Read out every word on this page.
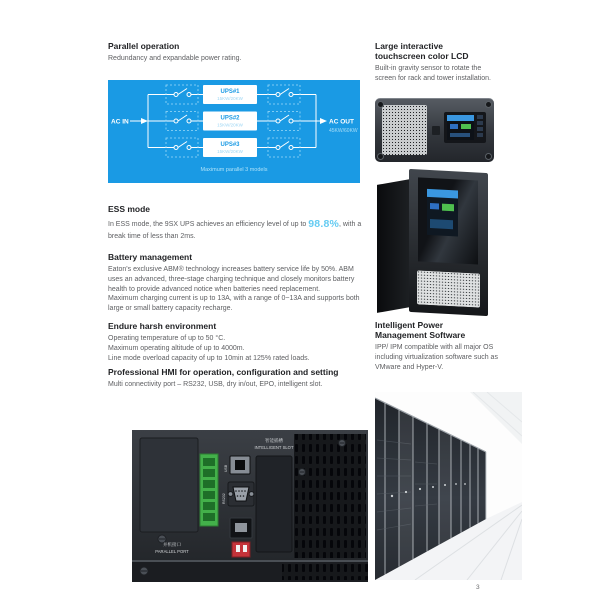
Parallel operation

Redundancy and expandable power rating.

AC IN	AC OUT
45KW/60KW
UPS#1
15KW/20KW
UPS#2
15KW/20KW
UPS#3
15KW/20KW
Maximum parallel 3 models
ESS mode

In ESS mode, the 9SX UPS achieves an efficiency level of up to 98.8%, with a break time of less than 2ms.

Battery management

Eaton's exclusive ABM® technology increases battery service life by 50%. ABM uses an advanced, three-stage charging technique and closely monitors battery health to provide advanced notice when batteries need replacement.

Maximum charging current is up to 13A, with a range of 0~13A and supports both large or small battery capacity recharge.

Endure harsh environment

Operating temperature of up to 50 °C.

Maximum operating altitude of up to 4000m.

Line mode overload capacity of up to 10min at 125% rated loads.

Professional HMI for operation, configuration and setting

Multi connectivity port – RS232, USB, dry in/out, EPO, intelligent slot.

USB
RS232
智能插槽
INTELLIGENT SLOT
并机接口
PARALLEL PORT
Large interactive
touchscreen color LCD

Built-in gravity sensor to rotate the screen for rack and tower installation.

Intelligent Power
Management Software

IPP/ IPM compatible with all major OS including virtualization software such as VMware and Hyper-V.

3
